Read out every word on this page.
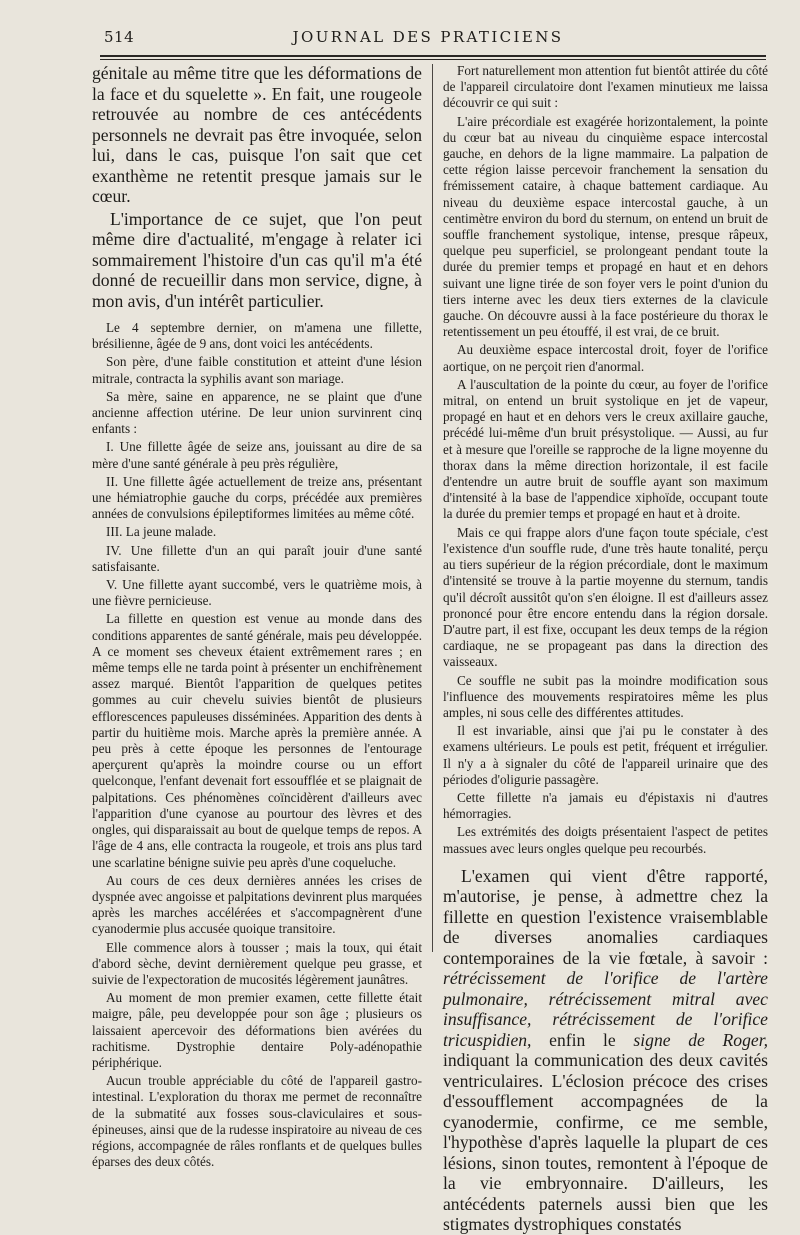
514	JOURNAL DES PRATICIENS

génitale au même titre que les déformations de la face et du squelette ». En fait, une rougeole retrouvée au nombre de ces antécédents personnels ne devrait pas être invoquée, selon lui, dans le cas, puisque l'on sait que cet exanthème ne retentit presque jamais sur le cœur.

L'importance de ce sujet, que l'on peut même dire d'actualité, m'engage à relater ici sommairement l'histoire d'un cas qu'il m'a été donné de recueillir dans mon service, digne, à mon avis, d'un intérêt particulier.

Le 4 septembre dernier, on m'amena une fillette, brésilienne, âgée de 9 ans, dont voici les antécédents.

Son père, d'une faible constitution et atteint d'une lésion mitrale, contracta la syphilis avant son mariage.

Sa mère, saine en apparence, ne se plaint que d'une ancienne affection utérine. De leur union survinrent cinq enfants :

I. Une fillette âgée de seize ans, jouissant au dire de sa mère d'une santé générale à peu près régulière,

II. Une fillette âgée actuellement de treize ans, présentant une hémiatrophie gauche du corps, précédée aux premières années de convulsions épileptiformes limitées au même côté.

III. La jeune malade.

IV. Une fillette d'un an qui paraît jouir d'une santé satisfaisante.

V. Une fillette ayant succombé, vers le quatrième mois, à une fièvre pernicieuse.

La fillette en question est venue au monde dans des conditions apparentes de santé générale, mais peu développée. A ce moment ses cheveux étaient extrêmement rares ; en même temps elle ne tarda point à présenter un enchifrènement assez marqué. Bientôt l'apparition de quelques petites gommes au cuir chevelu suivies bientôt de plusieurs efflorescences papuleuses disséminées. Apparition des dents à partir du huitième mois. Marche après la première année. A peu près à cette époque les personnes de l'entourage aperçurent qu'après la moindre course ou un effort quelconque, l'enfant devenait fort essoufflée et se plaignait de palpitations. Ces phénomènes coïncidèrent d'ailleurs avec l'apparition d'une cyanose au pourtour des lèvres et des ongles, qui disparaissait au bout de quelque temps de repos. A l'âge de 4 ans, elle contracta la rougeole, et trois ans plus tard une scarlatine bénigne suivie peu après d'une coqueluche.

Au cours de ces deux dernières années les crises de dyspnée avec angoisse et palpitations devinrent plus marquées après les marches accélérées et s'accompagnèrent d'une cyanodermie plus accusée quoique transitoire.

Elle commence alors à tousser ; mais la toux, qui était d'abord sèche, devint dernièrement quelque peu grasse, et suivie de l'expectoration de mucosités légèrement jaunâtres.

Au moment de mon premier examen, cette fillette était maigre, pâle, peu developpée pour son âge ; plusieurs os laissaient apercevoir des déformations bien avérées du rachitisme. Dystrophie dentaire Poly-adénopathie périphérique.

Aucun trouble appréciable du côté de l'appareil gastro-intestinal. L'exploration du thorax me permet de reconnaître de la submatité aux fosses sous-claviculaires et sous-épineuses, ainsi que de la rudesse inspiratoire au niveau de ces régions, accompagnée de râles ronflants et de quelques bulles éparses des deux côtés.

Fort naturellement mon attention fut bientôt attirée du côté de l'appareil circulatoire dont l'examen minutieux me laissa découvrir ce qui suit :

L'aire précordiale est exagérée horizontalement, la pointe du cœur bat au niveau du cinquième espace intercostal gauche, en dehors de la ligne mammaire. La palpation de cette région laisse percevoir franchement la sensation du frémissement cataire, à chaque battement cardiaque. Au niveau du deuxième espace intercostal gauche, à un centimètre environ du bord du sternum, on entend un bruit de souffle franchement systolique, intense, presque râpeux, quelque peu superficiel, se prolongeant pendant toute la durée du premier temps et propagé en haut et en dehors suivant une ligne tirée de son foyer vers le point d'union du tiers interne avec les deux tiers externes de la clavicule gauche. On découvre aussi à la face postérieure du thorax le retentissement un peu étouffé, il est vrai, de ce bruit.

Au deuxième espace intercostal droit, foyer de l'orifice aortique, on ne perçoit rien d'anormal.

A l'auscultation de la pointe du cœur, au foyer de l'orifice mitral, on entend un bruit systolique en jet de vapeur, propagé en haut et en dehors vers le creux axillaire gauche, précédé lui-même d'un bruit présystolique. — Aussi, au fur et à mesure que l'oreille se rapproche de la ligne moyenne du thorax dans la même direction horizontale, il est facile d'entendre un autre bruit de souffle ayant son maximum d'intensité à la base de l'appendice xiphoïde, occupant toute la durée du premier temps et propagé en haut et à droite.

Mais ce qui frappe alors d'une façon toute spéciale, c'est l'existence d'un souffle rude, d'une très haute tonalité, perçu au tiers supérieur de la région précordiale, dont le maximum d'intensité se trouve à la partie moyenne du sternum, tandis qu'il décroît aussitôt qu'on s'en éloigne. Il est d'ailleurs assez prononcé pour être encore entendu dans la région dorsale. D'autre part, il est fixe, occupant les deux temps de la région cardiaque, ne se propageant pas dans la direction des vaisseaux.

Ce souffle ne subit pas la moindre modification sous l'influence des mouvements respiratoires même les plus amples, ni sous celle des différentes attitudes.

Il est invariable, ainsi que j'ai pu le constater à des examens ultérieurs. Le pouls est petit, fréquent et irrégulier. Il n'y a à signaler du côté de l'appareil urinaire que des périodes d'oligurie passagère.

Cette fillette n'a jamais eu d'épistaxis ni d'autres hémorragies.

Les extrémités des doigts présentaient l'aspect de petites massues avec leurs ongles quelque peu recourbés.

L'examen qui vient d'être rapporté, m'autorise, je pense, à admettre chez la fillette en question l'existence vraisemblable de diverses anomalies cardiaques contemporaines de la vie fœtale, à savoir : rétrécissement de l'orifice de l'artère pulmonaire, rétrécissement mitral avec insuffisance, rétrécissement de l'orifice tricuspidien, enfin le signe de Roger, indiquant la communication des deux cavités ventriculaires. L'éclosion précoce des crises d'essoufflement accompagnées de la cyanodermie, confirme, ce me semble, l'hypothèse d'après laquelle la plupart de ces lésions, sinon toutes, remontent à l'époque de la vie embryonnaire. D'ailleurs, les antécédents paternels aussi bien que les stigmates dystrophiques constatés
